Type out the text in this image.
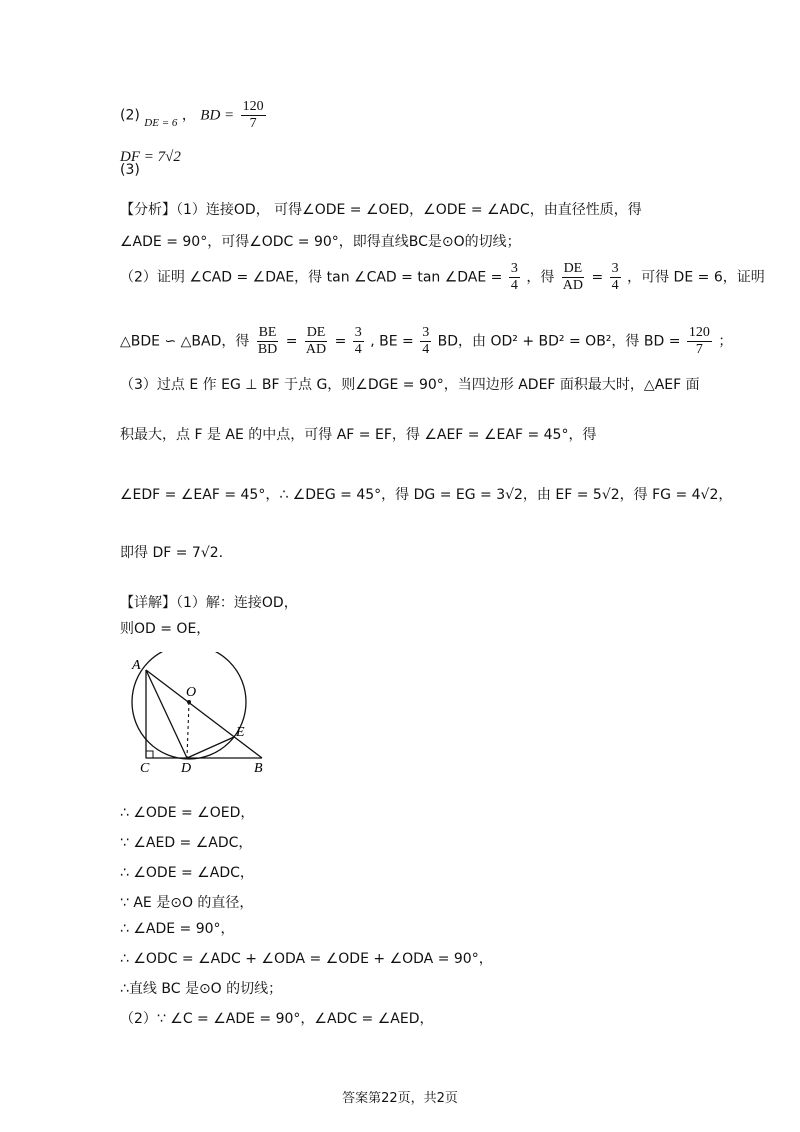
(2) $_{DE = 6}$ ， BD = $\frac{120}{7}$
DF = 7√2
(3)
【分析】（1）连接OD， 可得∠ODE = ∠OED，∠ODE = ∠ADC，由直径性质，得
∠ADE = 90°，可得∠ODC = 90°，即得直线BC是⊙O的切线；
（2）证明 ∠CAD = ∠DAE，得 tan ∠CAD = tan ∠DAE = $\frac{3}{4}$ ，得 $\frac{DE}{AD} = \frac{3}{4}$ ，可得 DE = 6，证明
△BDE ∽ △BAD，得 $\frac{BE}{BD} = \frac{DE}{AD} = \frac{3}{4}$ , BE = $\frac{3}{4}$ BD，由 OD² + BD² = OB²，得 BD = $\frac{120}{7}$ ；
（3）过点 E 作 EG ⊥ BF 于点 G，则∠DGE = 90°，当四边形 ADEF 面积最大时，△AEF 面
积最大，点 F 是 AE 的中点，可得 AF = EF，得 ∠AEF = ∠EAF = 45°，得
∠EDF = ∠EAF = 45°，∴ ∠DEG = 45°，得 DG = EG = 3√2，由 EF = 5√2，得 FG = 4√2，
即得 DF = 7√2.
【详解】（1）解：连接OD，
则OD = OE，
A
O
E
C D	B
∴ ∠ODE = ∠OED，
∵ ∠AED = ∠ADC，
∴ ∠ODE = ∠ADC，
∵ AE 是⊙O 的直径，
∴ ∠ADE = 90°，
∴ ∠ODC = ∠ADC + ∠ODA = ∠ODE + ∠ODA = 90°，
∴直线 BC 是⊙O 的切线；
（2）∵ ∠C = ∠ADE = 90°，∠ADC = ∠AED，
答案第22页，共2页
